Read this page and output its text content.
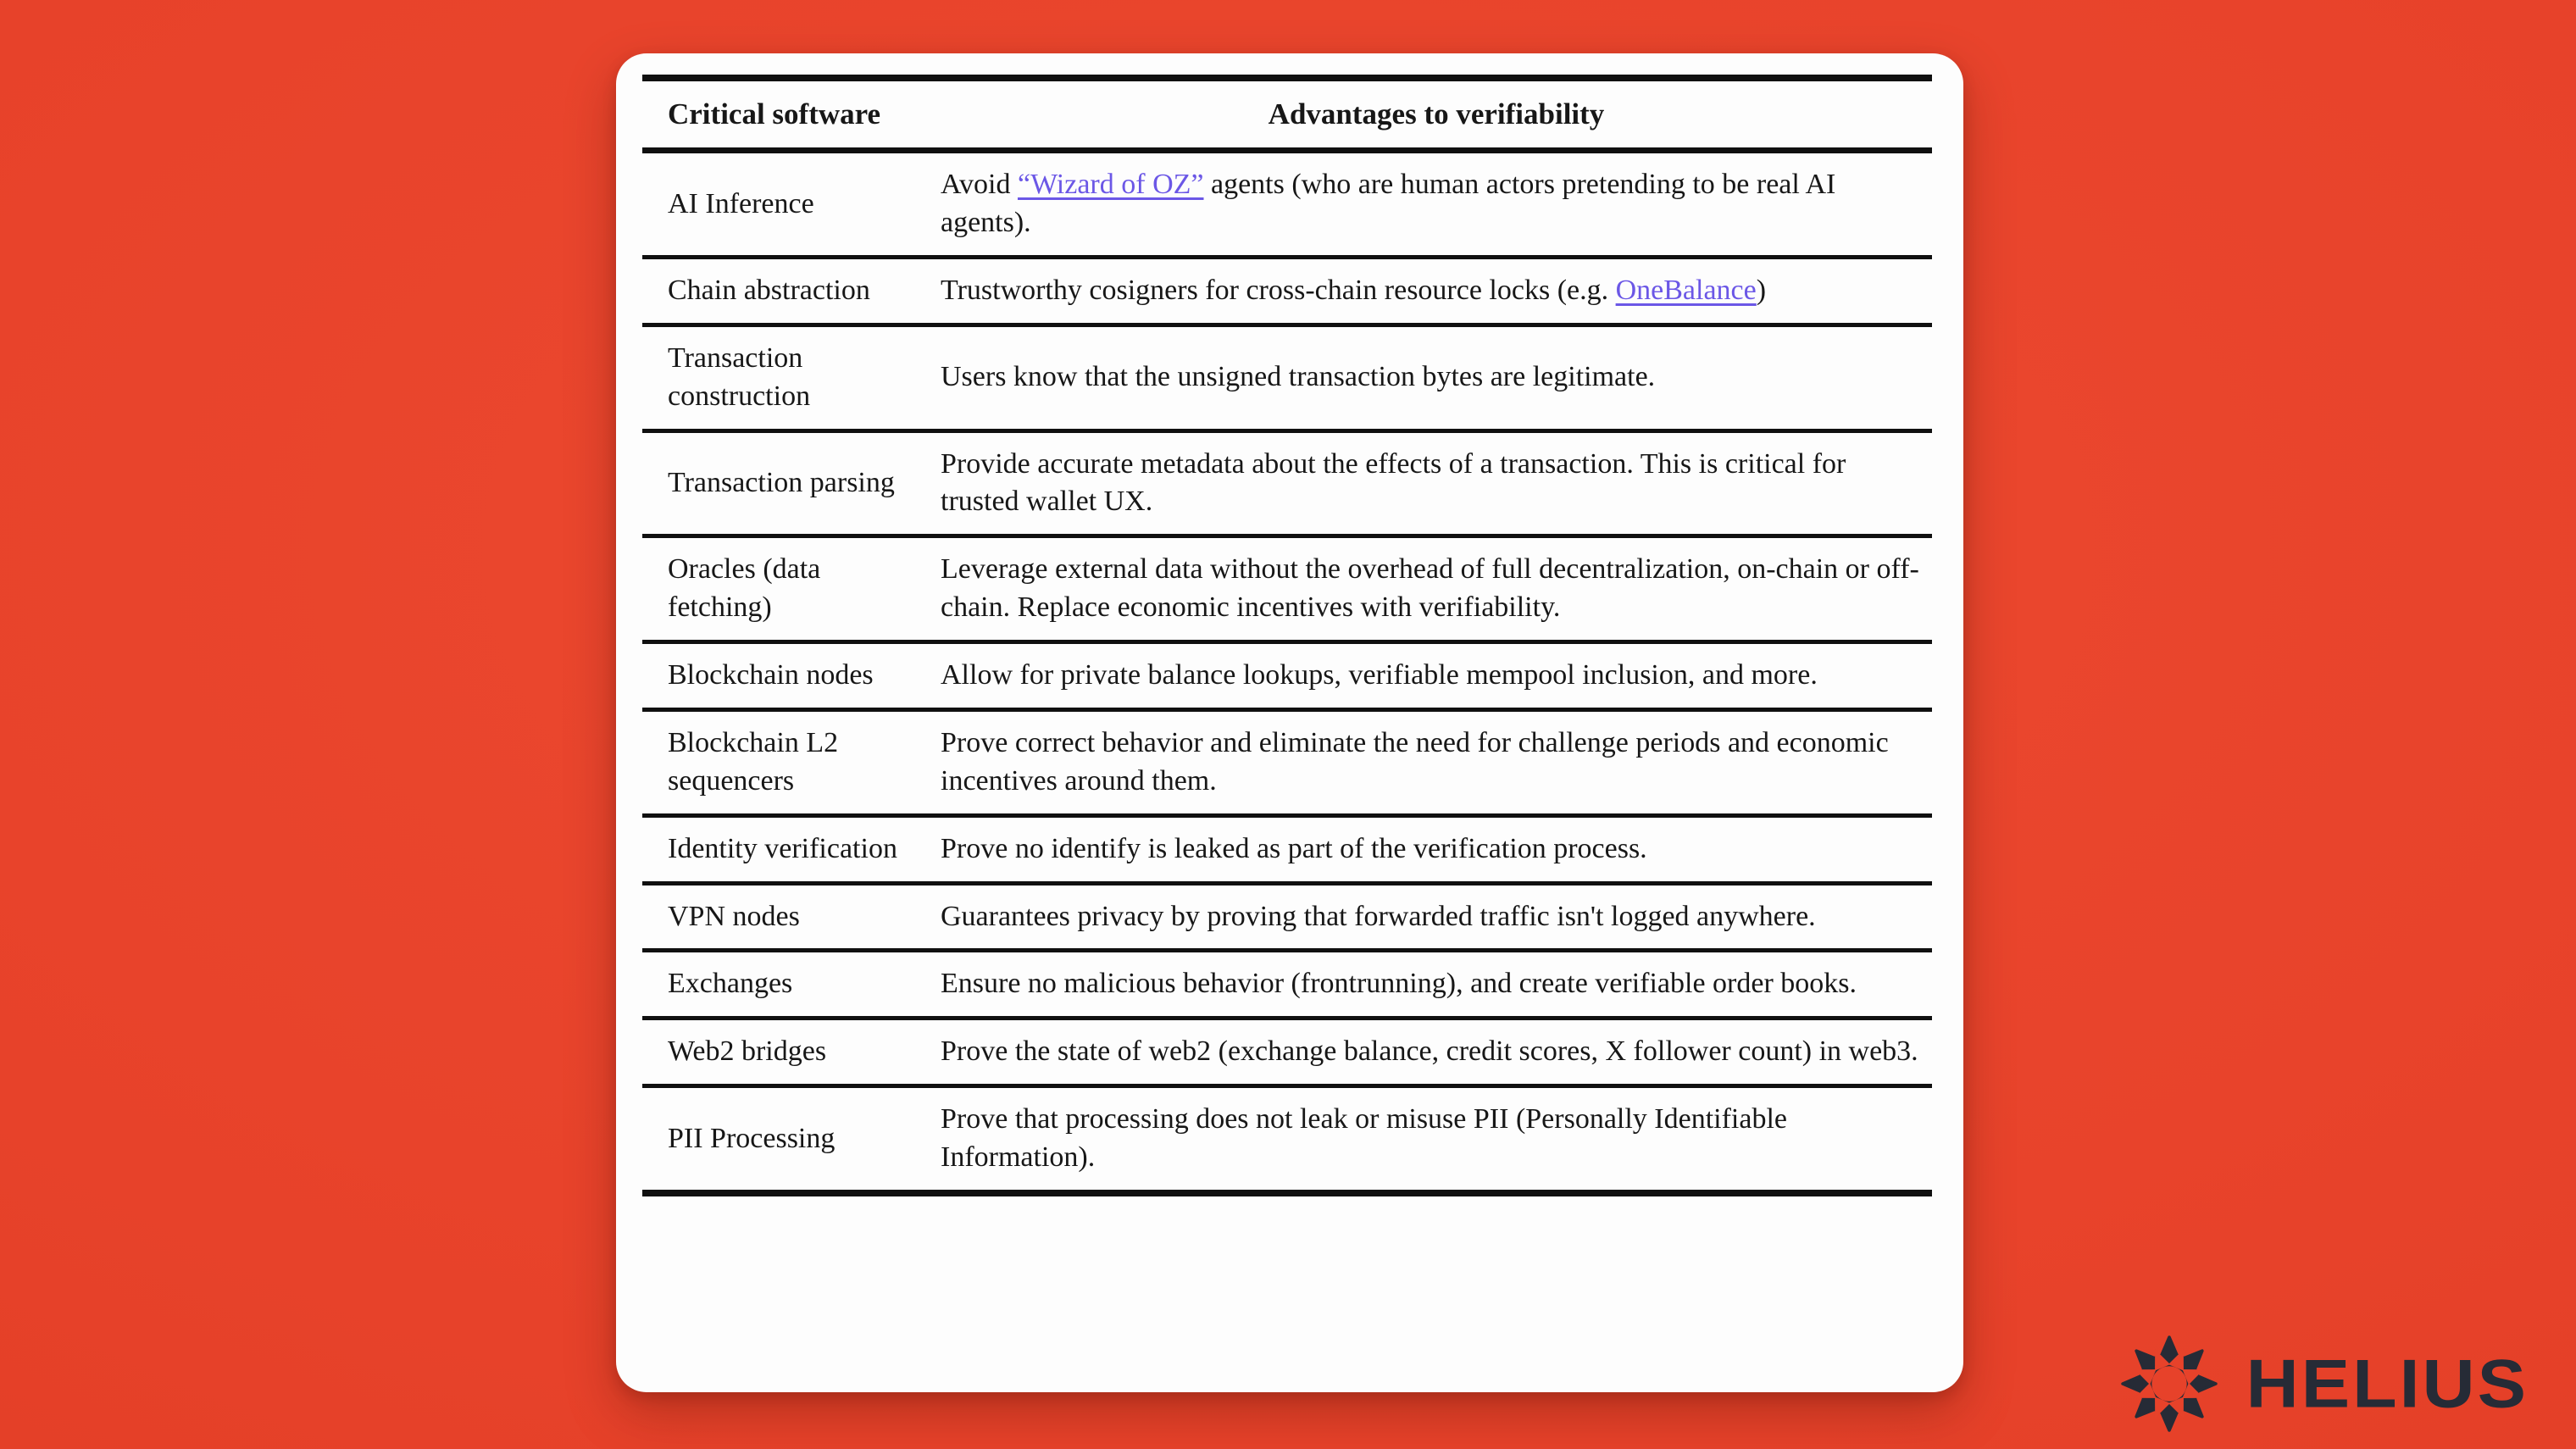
Critical software	Advantages to verifiability
AI Inference	Avoid “Wizard of OZ” agents (who are human actors pretending to be real AI agents).
Chain abstraction	Trustworthy cosigners for cross-chain resource locks (e.g. OneBalance)
Transaction construction	Users know that the unsigned transaction bytes are legitimate.
Transaction parsing	Provide accurate metadata about the effects of a transaction. This is critical for trusted wallet UX.
Oracles (data fetching)	Leverage external data without the overhead of full decentralization, on-chain or off-chain. Replace economic incentives with verifiability.
Blockchain nodes	Allow for private balance lookups, verifiable mempool inclusion, and more.
Blockchain L2 sequencers	Prove correct behavior and eliminate the need for challenge periods and economic incentives around them.
Identity verification	Prove no identify is leaked as part of the verification process.
VPN nodes	Guarantees privacy by proving that forwarded traffic isn't logged anywhere.
Exchanges	Ensure no malicious behavior (frontrunning), and create verifiable order books.
Web2 bridges	Prove the state of web2 (exchange balance, credit scores, X follower count) in web3.
PII Processing	Prove that processing does not leak or misuse PII (Personally Identifiable Information).
HELIUS
